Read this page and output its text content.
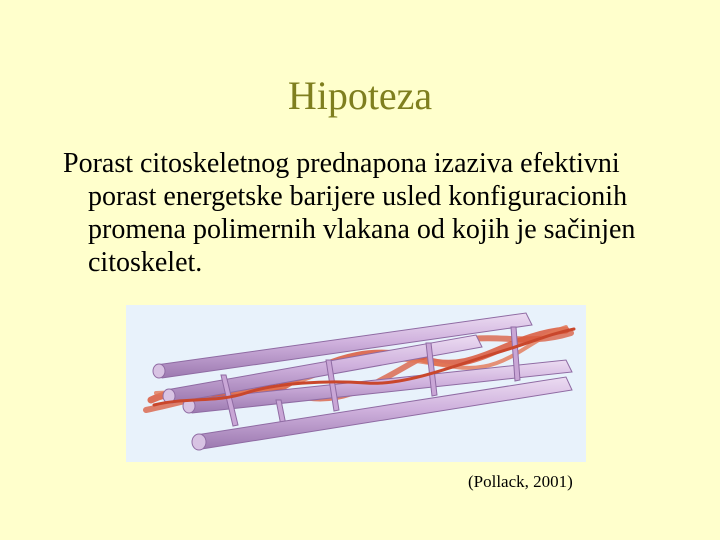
Hipoteza

Porast citoskeletnog prednapona izaziva efektivni porast energetske barijere usled konfiguracionih promena polimernih vlakana od kojih je sačinjen citoskelet.

(Pollack, 2001)
